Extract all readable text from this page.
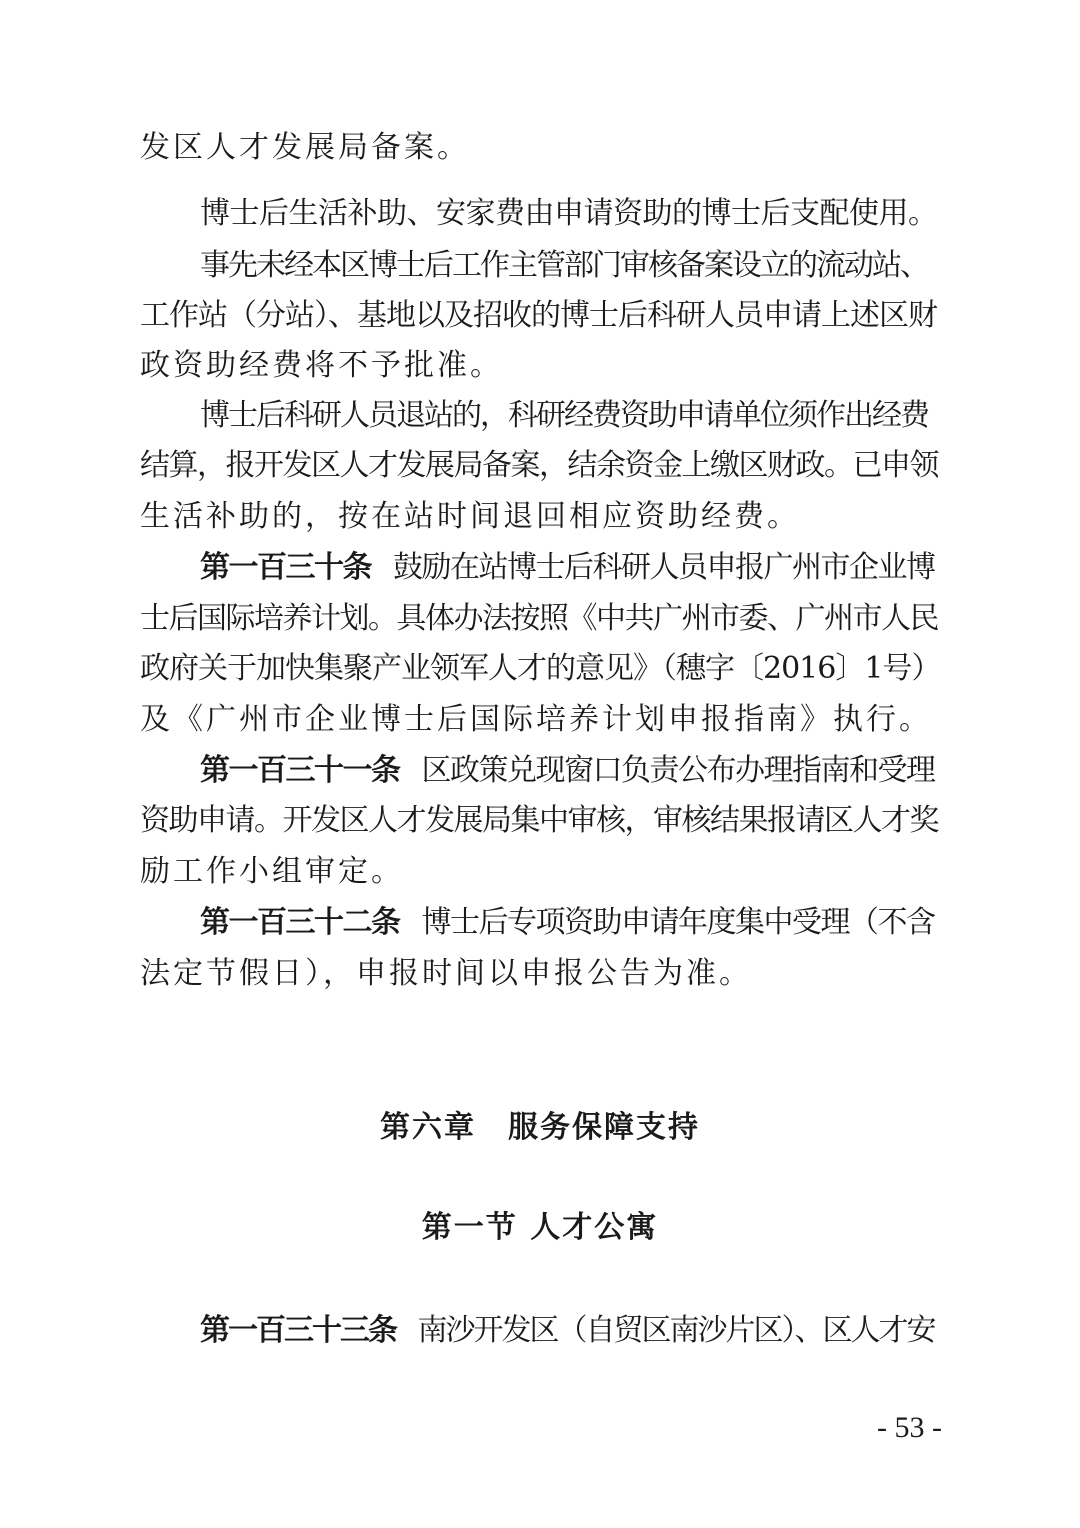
发区人才发展局备案。
博士后生活补助、安家费由申请资助的博士后支配使用。
事先未经本区博士后工作主管部门审核备案设立的流动站、
工作站（分站）、基地以及招收的博士后科研人员申请上述区财
政资助经费将不予批准。
博士后科研人员退站的，科研经费资助申请单位须作出经费
结算，报开发区人才发展局备案，结余资金上缴区财政。已申领
生活补助的，按在站时间退回相应资助经费。
第一百三十条 鼓励在站博士后科研人员申报广州市企业博
士后国际培养计划。具体办法按照《中共广州市委、广州市人民
政府关于加快集聚产业领军人才的意见》（穗字〔2016〕1号）
及《广州市企业博士后国际培养计划申报指南》执行。
第一百三十一条 区政策兑现窗口负责公布办理指南和受理
资助申请。开发区人才发展局集中审核，审核结果报请区人才奖
励工作小组审定。
第一百三十二条 博士后专项资助申请年度集中受理（不含
法定节假日），申报时间以申报公告为准。
第六章　服务保障支持
第一节 人才公寓
第一百三十三条 南沙开发区（自贸区南沙片区）、区人才安
- 53 -
